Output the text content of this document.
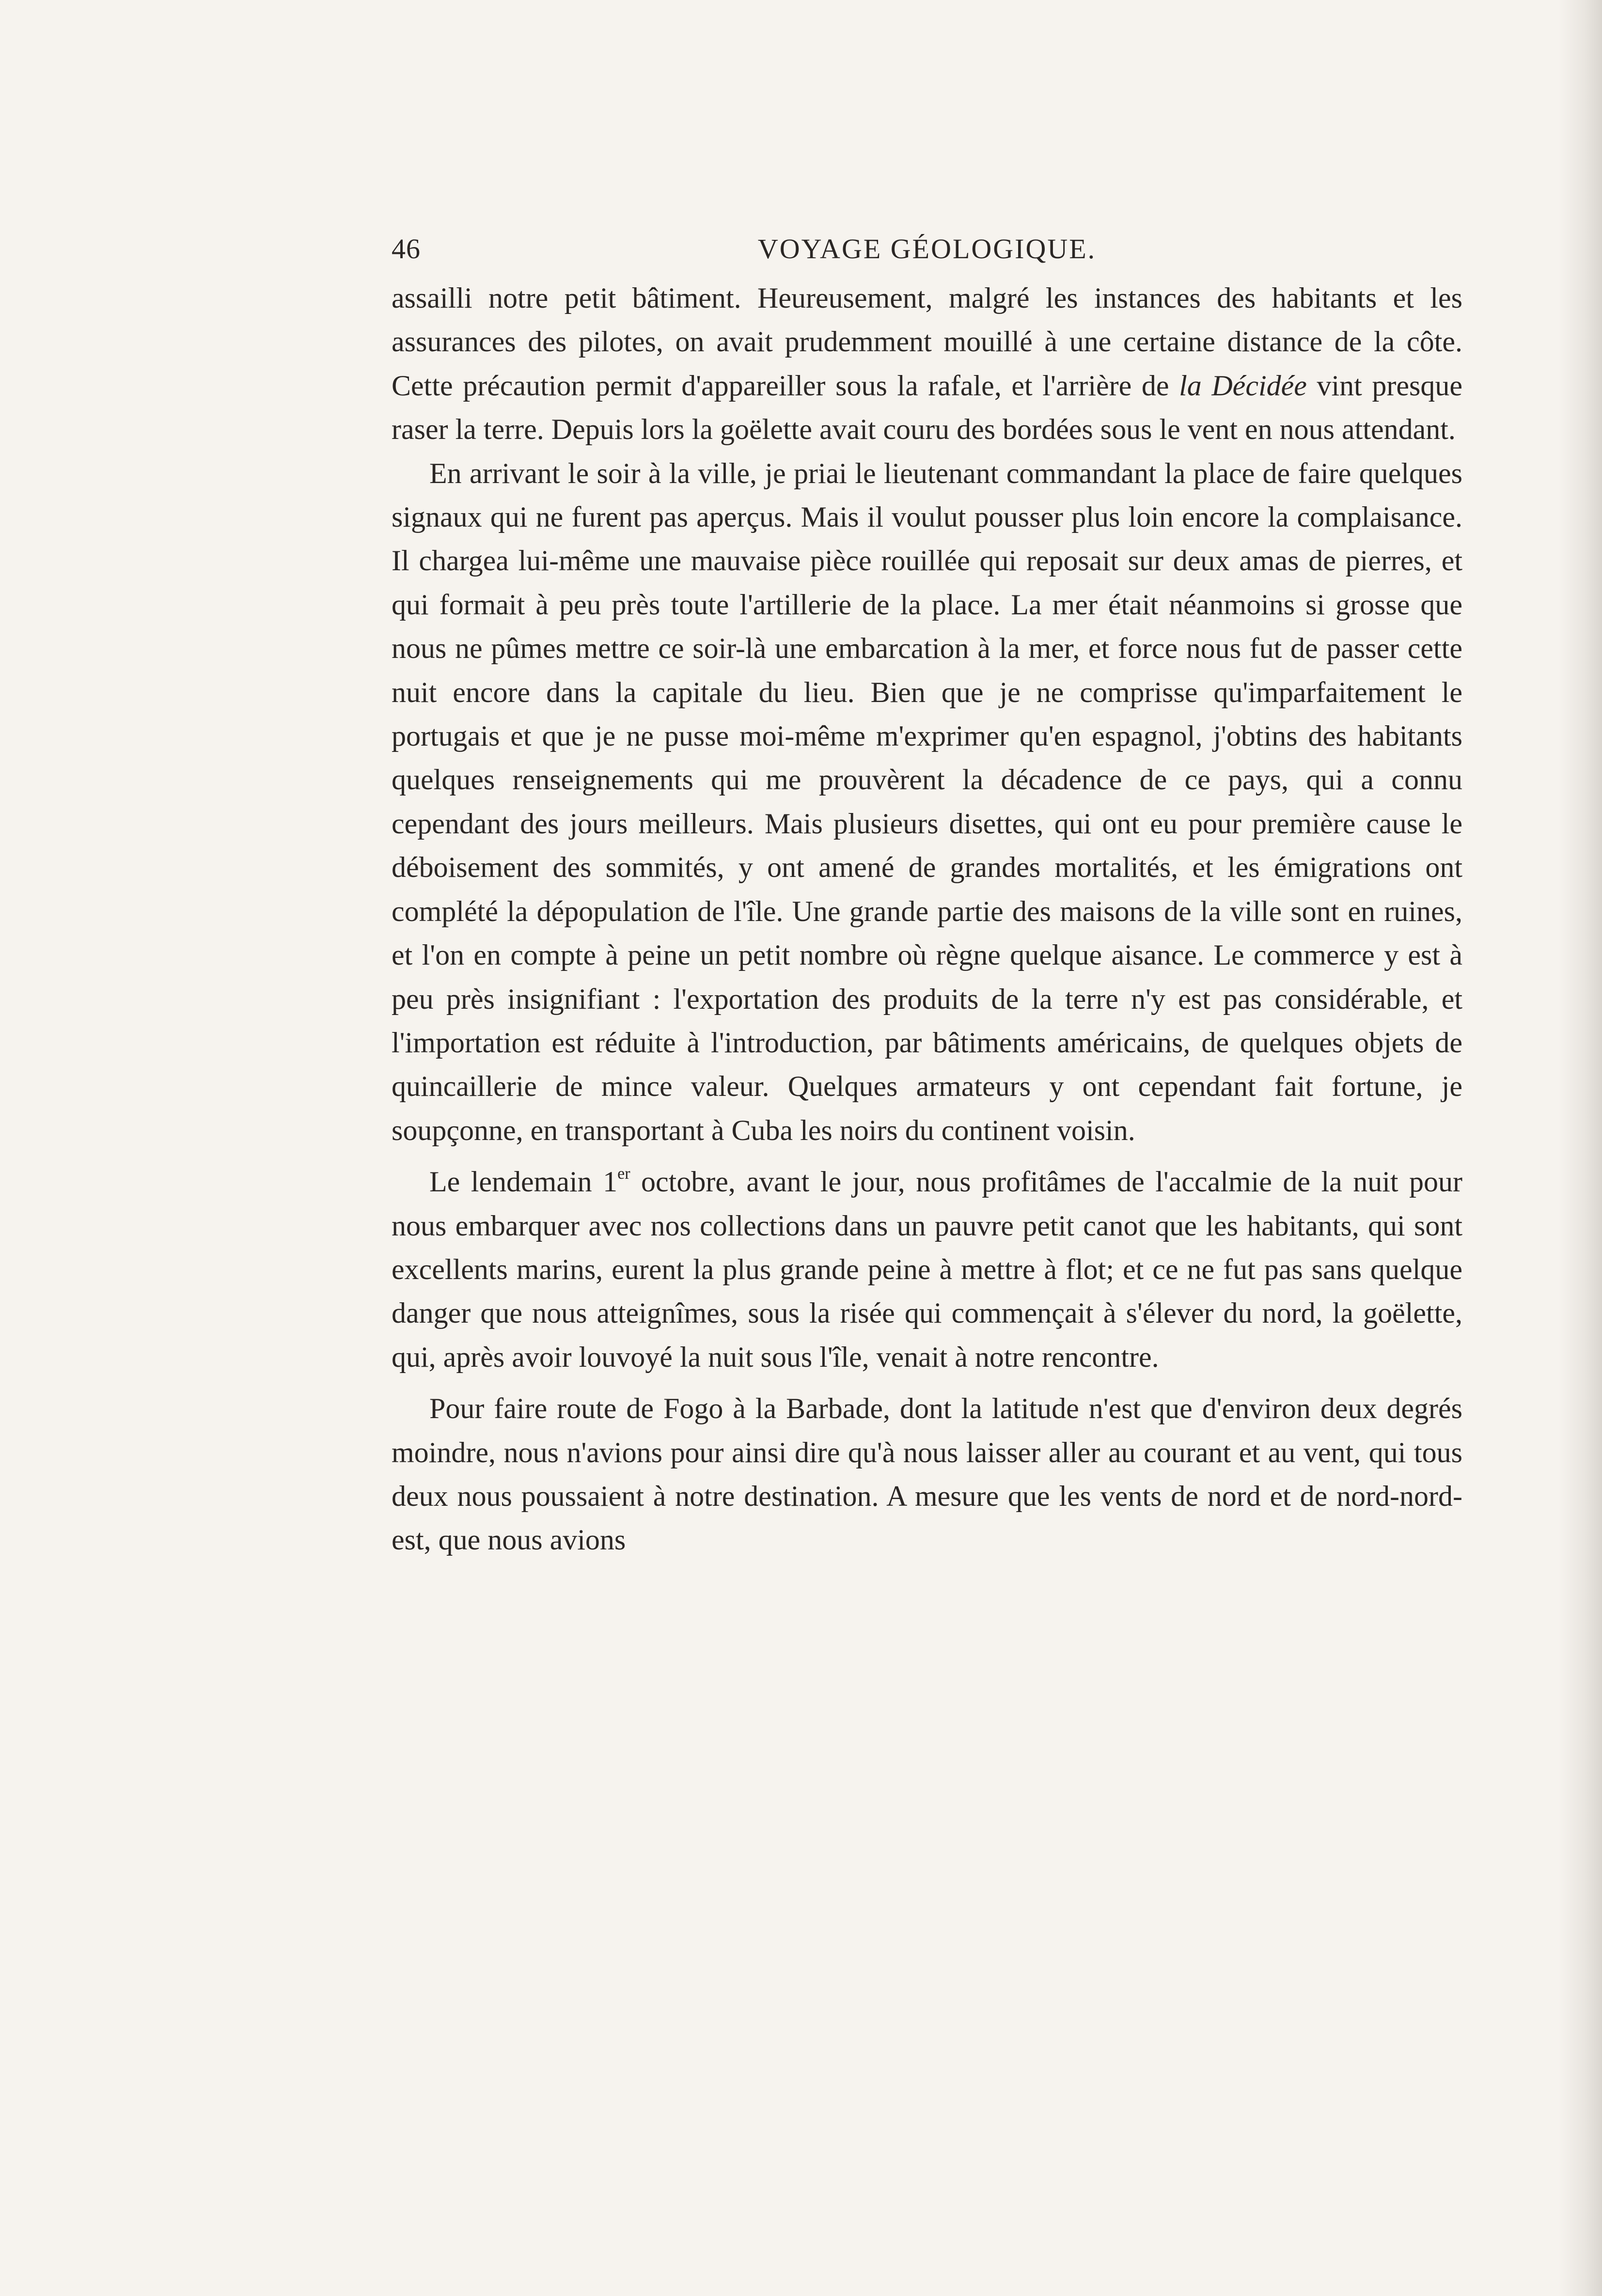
46	VOYAGE GÉOLOGIQUE.

assailli notre petit bâtiment. Heureusement, malgré les instances des habitants et les assurances des pilotes, on avait prudemment mouillé à une certaine distance de la côte. Cette précaution permit d'appareiller sous la rafale, et l'arrière de la Décidée vint presque raser la terre. Depuis lors la goëlette avait couru des bordées sous le vent en nous attendant.

En arrivant le soir à la ville, je priai le lieutenant commandant la place de faire quelques signaux qui ne furent pas aperçus. Mais il voulut pousser plus loin encore la complaisance. Il chargea lui-même une mauvaise pièce rouillée qui reposait sur deux amas de pierres, et qui formait à peu près toute l'artillerie de la place. La mer était néanmoins si grosse que nous ne pûmes mettre ce soir-là une embarcation à la mer, et force nous fut de passer cette nuit encore dans la capitale du lieu. Bien que je ne comprisse qu'imparfaitement le portugais et que je ne pusse moi-même m'exprimer qu'en espagnol, j'obtins des habitants quelques renseignements qui me prouvèrent la décadence de ce pays, qui a connu cependant des jours meilleurs. Mais plusieurs disettes, qui ont eu pour première cause le déboisement des sommités, y ont amené de grandes mortalités, et les émigrations ont complété la dépopulation de l'île. Une grande partie des maisons de la ville sont en ruines, et l'on en compte à peine un petit nombre où règne quelque aisance. Le commerce y est à peu près insignifiant : l'exportation des produits de la terre n'y est pas considérable, et l'importation est réduite à l'introduction, par bâtiments américains, de quelques objets de quincaillerie de mince valeur. Quelques armateurs y ont cependant fait fortune, je soupçonne, en transportant à Cuba les noirs du continent voisin.

Le lendemain 1er octobre, avant le jour, nous profitâmes de l'accalmie de la nuit pour nous embarquer avec nos collections dans un pauvre petit canot que les habitants, qui sont excellents marins, eurent la plus grande peine à mettre à flot; et ce ne fut pas sans quelque danger que nous atteignîmes, sous la risée qui commençait à s'élever du nord, la goëlette, qui, après avoir louvoyé la nuit sous l'île, venait à notre rencontre.

Pour faire route de Fogo à la Barbade, dont la latitude n'est que d'environ deux degrés moindre, nous n'avions pour ainsi dire qu'à nous laisser aller au courant et au vent, qui tous deux nous poussaient à notre destination. A mesure que les vents de nord et de nord-nord-est, que nous avions
